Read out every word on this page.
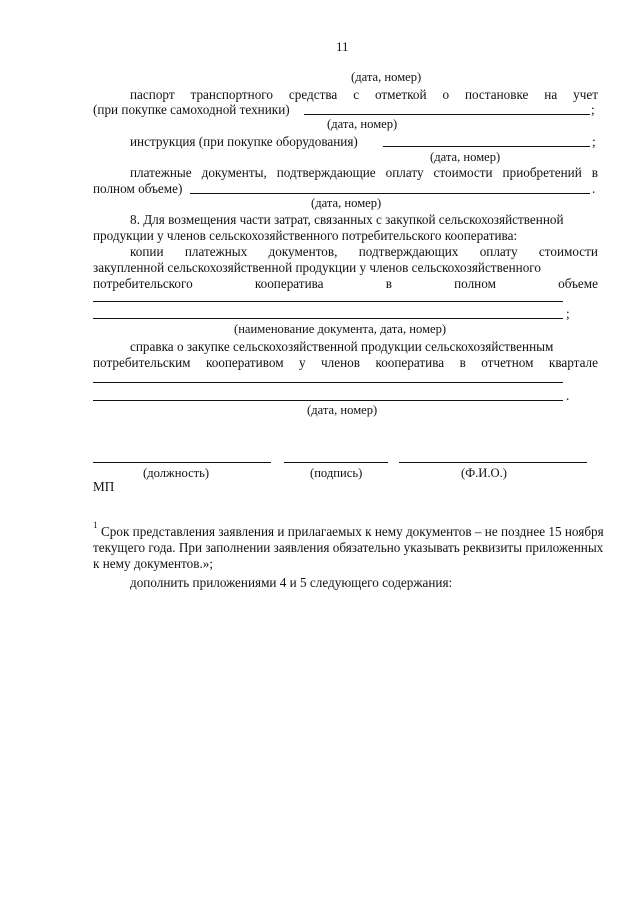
11
(дата, номер)
паспорт транспортного средства с отметкой о постановке на учет
(при покупке самоходной техники)	;
(дата, номер)
инструкция (при покупке оборудования)	;
(дата, номер)
платежные документы, подтверждающие оплату стоимости приобретений в
полном объеме)	.
(дата, номер)
8. Для возмещения части затрат, связанных с закупкой сельскохозяйственной
продукции у членов сельскохозяйственного потребительского кооператива:
копии платежных документов, подтверждающих оплату стоимости
закупленной сельскохозяйственной продукции у членов сельскохозяйственного
потребительского	кооператива	в	полном	объеме
;
(наименование документа, дата, номер)
справка о закупке сельскохозяйственной продукции сельскохозяйственным
потребительским кооперативом у членов кооператива в отчетном квартале
.
(дата, номер)
(должность)	(подпись)	(Ф.И.О.)
МП
1 Срок представления заявления и прилагаемых к нему документов – не позднее 15 ноября
текущего года. При заполнении заявления обязательно указывать реквизиты приложенных
к нему документов.»;
дополнить приложениями 4 и 5 следующего содержания:
